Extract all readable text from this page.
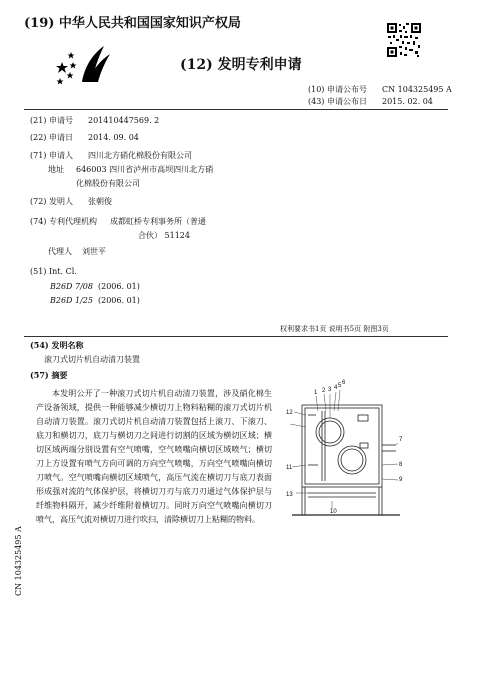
(19) 中华人民共和国国家知识产权局
(12) 发明专利申请
(10) 申请公布号 CN 104325495 A
(43) 申请公布日 2015. 02. 04
(21) 申请号 201410447569. 2
(22) 申请日 2014. 09. 04
(71) 申请人 四川北方硝化棉股份有限公司
地址 646003 四川省泸州市高坝四川北方硝
化棉股份有限公司
(72) 发明人 张朝俊
(74) 专利代理机构 成都虹桥专利事务所（普通
合伙） 51124
代理人 刘世平
(51) Int. Cl.
B26D 7/08 (2006. 01)
B26D 1/25 (2006. 01)
权利要求书1页 说明书5页 附图3页
(54) 发明名称
滚刀式切片机自动清刀装置
(57) 摘要
本发明公开了一种滚刀式切片机自动清刀装置，涉及硝化棉生产设备领域，提供一种能够减少横切刀上物料粘糊的滚刀式切片机自动清刀装置。滚刀式切片机自动清刀装置包括上滚刀、下滚刀、底刀和横切刀，底刀与横切刀之间进行切割的区域为横切区域；横切区域两端分别设置有空气喷嘴，空气喷嘴向横切区域喷气；横切刀上方设置有喷气方向可调的万向空气喷嘴，万向空气喷嘴向横切刀喷气。空气喷嘴向横切区域喷气，高压气流在横切刀与底刀表面形成强对流的气体保护层，将横切刀刃与底刀刃通过气体保护层与纤维物料隔开，减少纤维附着横切刀。同时万向空气喷嘴向横切刀喷气，高压气流对横切刀进行吹扫，清除横切刀上粘糊的物料。
1 2 3 4 5 6
7
8
9
10
11
12
13
CN 104325495 A
